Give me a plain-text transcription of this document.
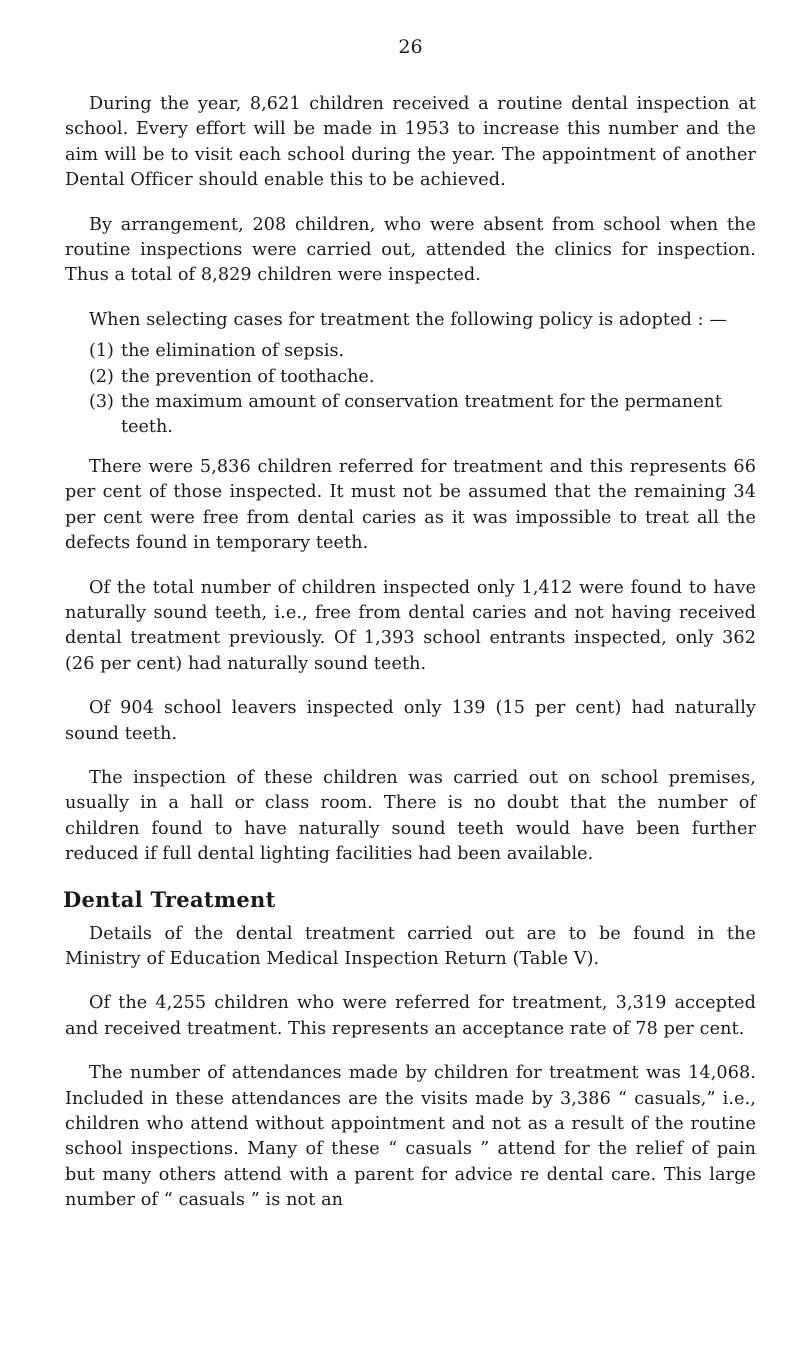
26

During the year, 8,621 children received a routine dental inspection at school. Every effort will be made in 1953 to increase this number and the aim will be to visit each school during the year. The appointment of another Dental Officer should enable this to be achieved.

By arrangement, 208 children, who were absent from school when the routine inspections were carried out, attended the clinics for inspection. Thus a total of 8,829 children were inspected.

When selecting cases for treatment the following policy is adopted : —

(1) the elimination of sepsis.
(2) the prevention of toothache.
(3) the maximum amount of conservation treatment for the permanent teeth.

There were 5,836 children referred for treatment and this represents 66 per cent of those inspected. It must not be assumed that the remaining 34 per cent were free from dental caries as it was impossible to treat all the defects found in temporary teeth.

Of the total number of children inspected only 1,412 were found to have naturally sound teeth, i.e., free from dental caries and not having received dental treatment previously. Of 1,393 school entrants inspected, only 362 (26 per cent) had naturally sound teeth.

Of 904 school leavers inspected only 139 (15 per cent) had naturally sound teeth.

The inspection of these children was carried out on school premises, usually in a hall or class room. There is no doubt that the number of children found to have naturally sound teeth would have been further reduced if full dental lighting facilities had been available.

Dental Treatment

Details of the dental treatment carried out are to be found in the Ministry of Education Medical Inspection Return (Table V).

Of the 4,255 children who were referred for treatment, 3,319 accepted and received treatment. This represents an acceptance rate of 78 per cent.

The number of attendances made by children for treatment was 14,068. Included in these attendances are the visits made by 3,386 “ casuals,” i.e., children who attend without appointment and not as a result of the routine school inspections. Many of these “ casuals ” attend for the relief of pain but many others attend with a parent for advice re dental care. This large number of “ casuals ” is not an
